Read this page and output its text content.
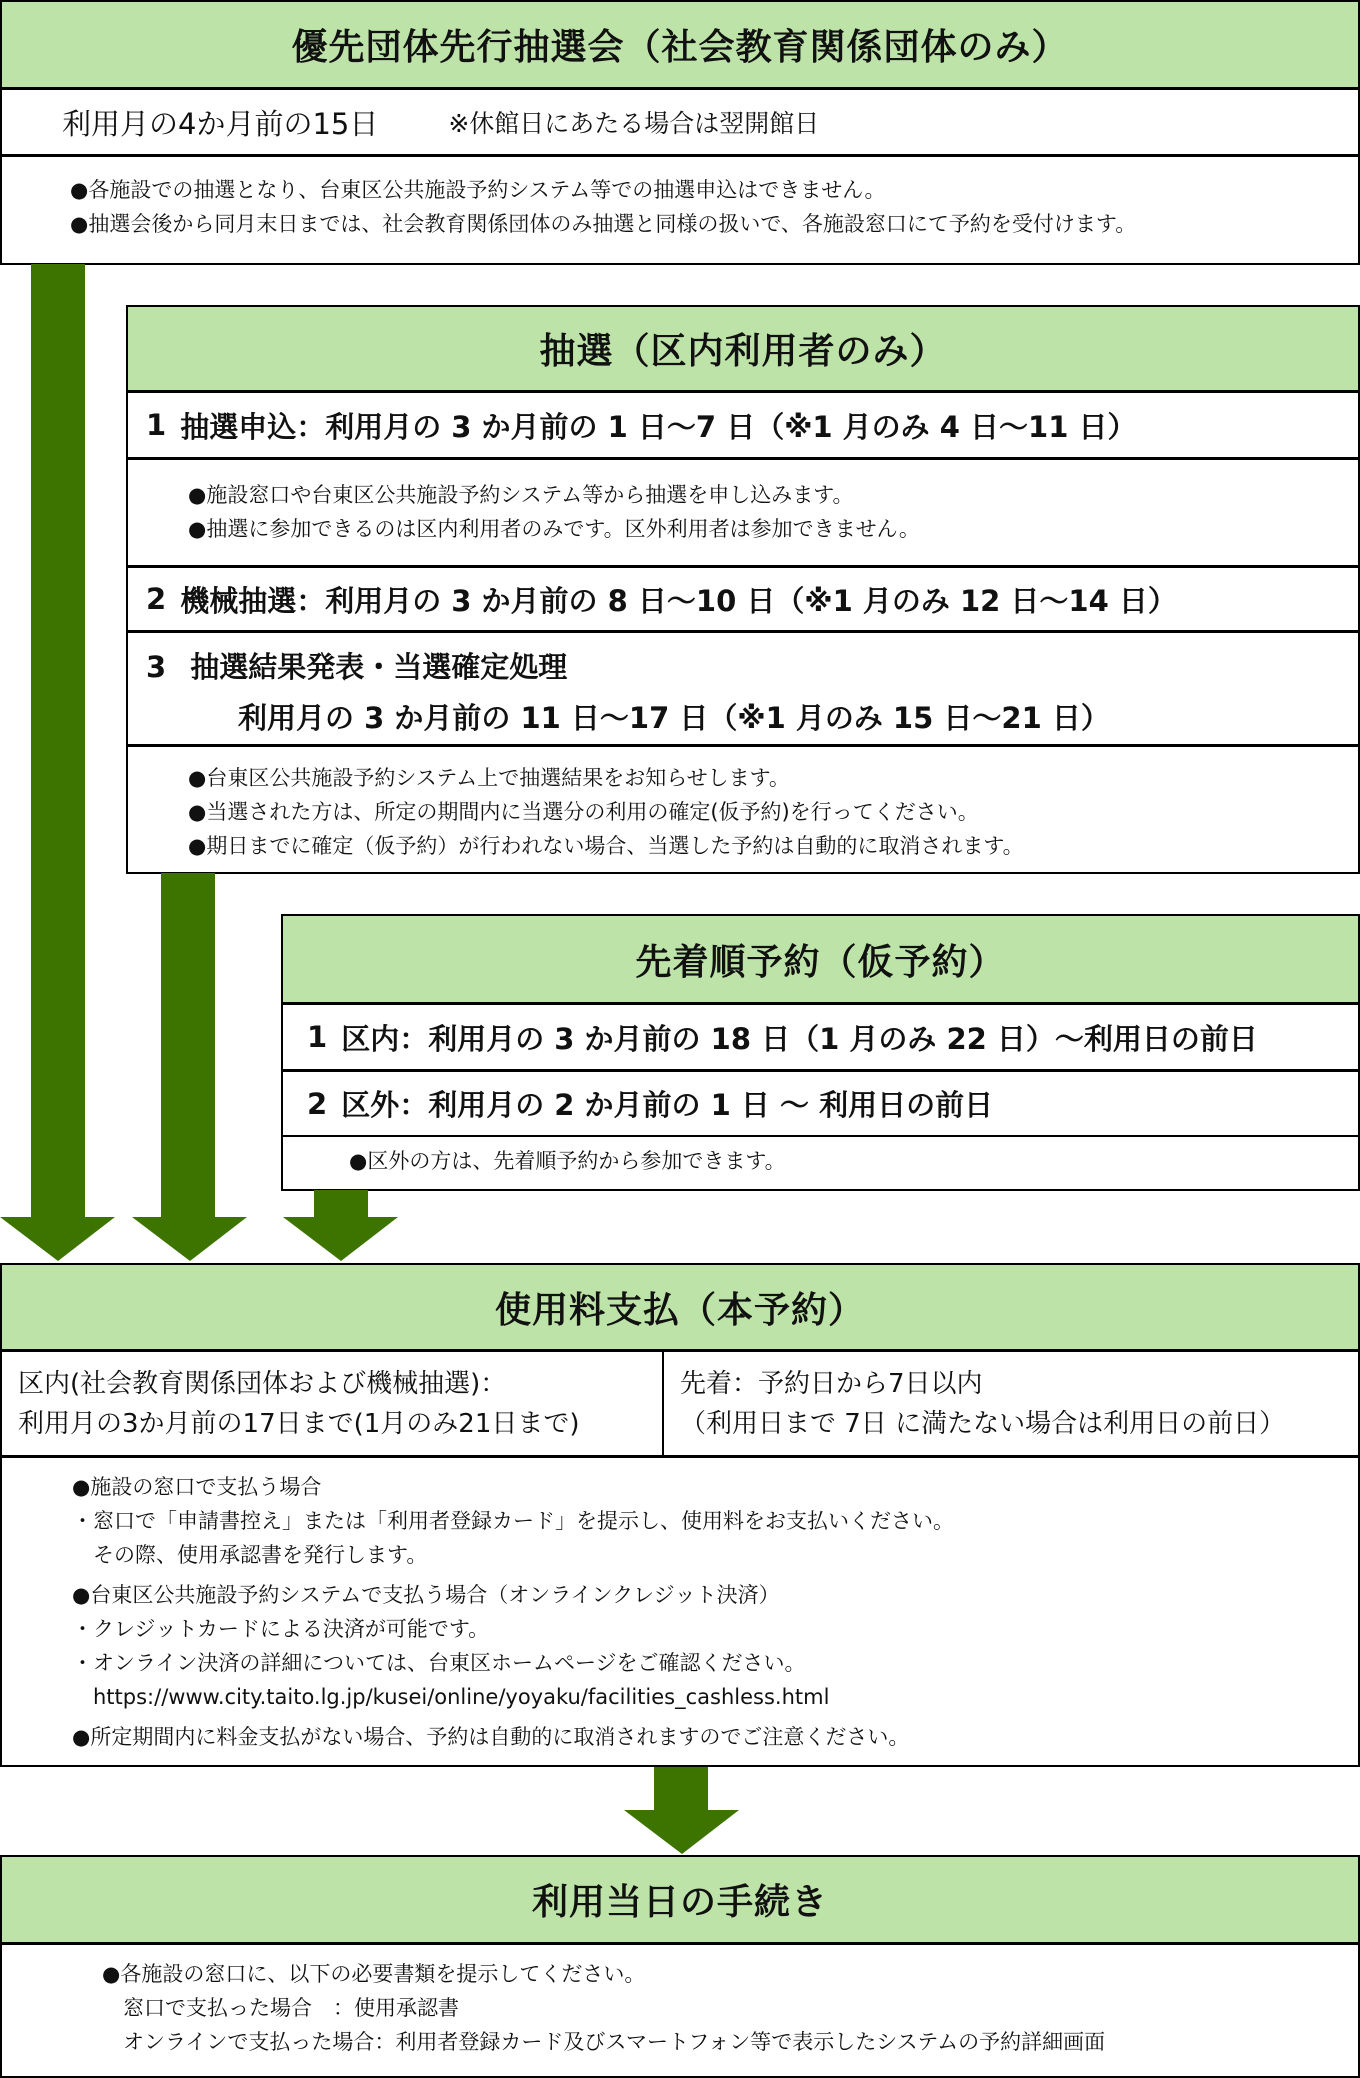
優先団体先行抽選会（社会教育関係団体のみ）
利用月の4か月前の15日	※休館日にあたる場合は翌開館日
●各施設での抽選となり、台東区公共施設予約システム等での抽選申込はできません。
●抽選会後から同月末日までは、社会教育関係団体のみ抽選と同様の扱いで、各施設窓口にて予約を受付けます。
抽選（区内利用者のみ）
1 抽選申込：利用月の 3 か月前の 1 日〜7 日（※1 月のみ 4 日〜11 日）
●施設窓口や台東区公共施設予約システム等から抽選を申し込みます。
●抽選に参加できるのは区内利用者のみです。区外利用者は参加できません。
2 機械抽選：利用月の 3 か月前の 8 日〜10 日（※1 月のみ 12 日〜14 日）
3 抽選結果発表・当選確定処理
利用月の 3 か月前の 11 日〜17 日（※1 月のみ 15 日〜21 日）
●台東区公共施設予約システム上で抽選結果をお知らせします。
●当選された方は、所定の期間内に当選分の利用の確定(仮予約)を行ってください。
●期日までに確定（仮予約）が行われない場合、当選した予約は自動的に取消されます。
先着順予約（仮予約）
1 区内：利用月の 3 か月前の 18 日（1 月のみ 22 日）〜利用日の前日
2 区外：利用月の 2 か月前の 1 日 〜 利用日の前日
●区外の方は、先着順予約から参加できます。
使用料支払（本予約）
区内(社会教育関係団体および機械抽選)：
利用月の3か月前の17日まで(1月のみ21日まで)
先着：予約日から7日以内
（利用日まで 7日 に満たない場合は利用日の前日）
●施設の窓口で支払う場合
・窓口で「申請書控え」または「利用者登録カード」を提示し、使用料をお支払いください。
　その際、使用承認書を発行します。
●台東区公共施設予約システムで支払う場合（オンラインクレジット決済）
・クレジットカードによる決済が可能です。
・オンライン決済の詳細については、台東区ホームページをご確認ください。
　https://www.city.taito.lg.jp/kusei/online/yoyaku/facilities_cashless.html
●所定期間内に料金支払がない場合、予約は自動的に取消されますのでご注意ください。
利用当日の手続き
●各施設の窓口に、以下の必要書類を提示してください。
　窓口で支払った場合　：使用承認書
　オンラインで支払った場合：利用者登録カード及びスマートフォン等で表示したシステムの予約詳細画面
